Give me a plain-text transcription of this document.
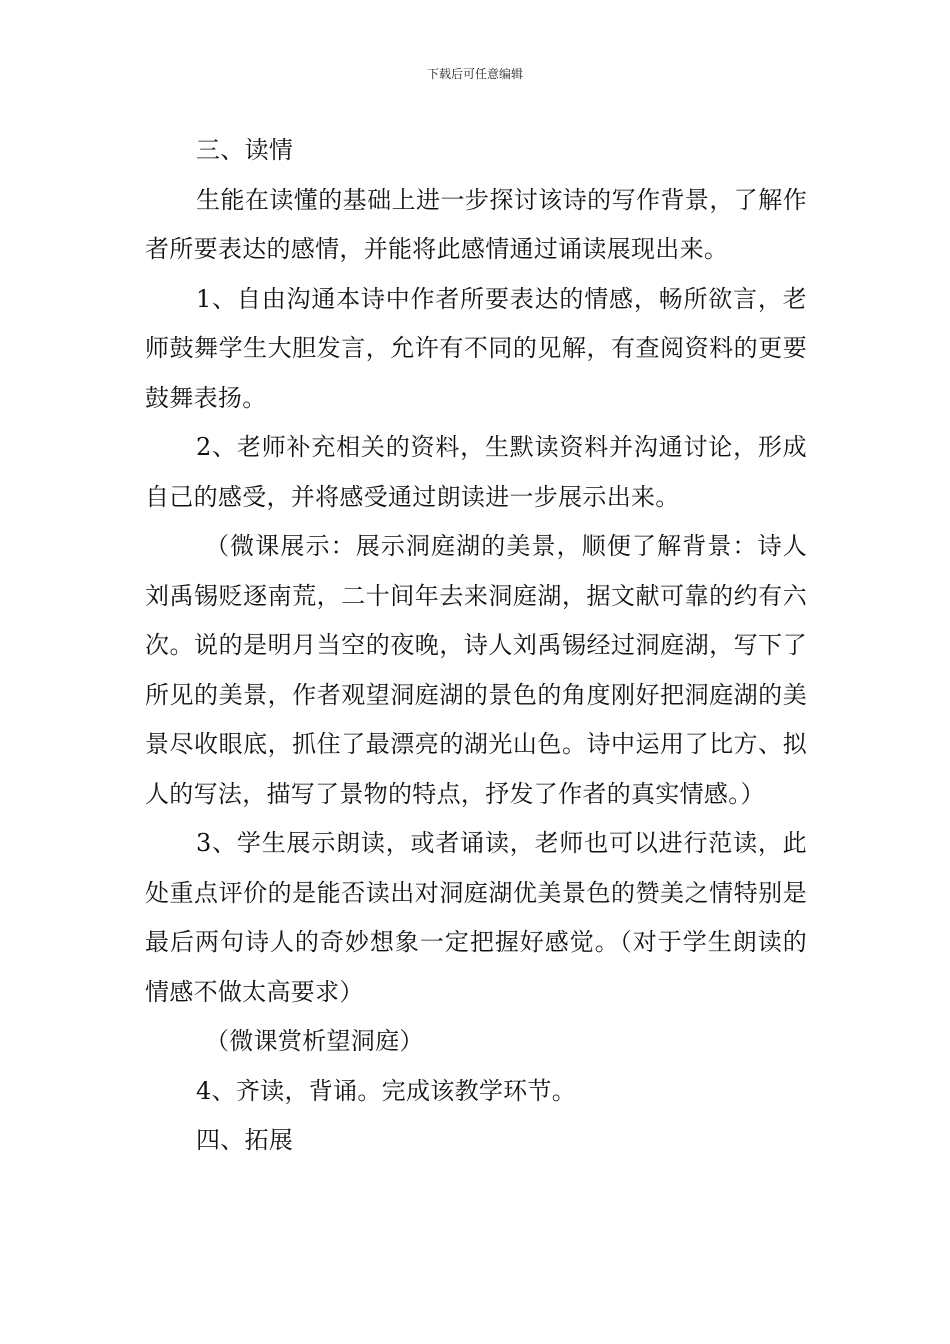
下载后可任意编辑

三、读情

生能在读懂的基础上进一步探讨该诗的写作背景，了解作者所要表达的感情，并能将此感情通过诵读展现出来。

1、自由沟通本诗中作者所要表达的情感，畅所欲言，老师鼓舞学生大胆发言，允许有不同的见解，有查阅资料的更要鼓舞表扬。

2、老师补充相关的资料，生默读资料并沟通讨论，形成自己的感受，并将感受通过朗读进一步展示出来。

（微课展示：展示洞庭湖的美景，顺便了解背景：诗人刘禹锡贬逐南荒，二十间年去来洞庭湖，据文献可靠的约有六次。说的是明月当空的夜晚，诗人刘禹锡经过洞庭湖，写下了所见的美景，作者观望洞庭湖的景色的角度刚好把洞庭湖的美景尽收眼底，抓住了最漂亮的湖光山色。诗中运用了比方、拟人的写法，描写了景物的特点，抒发了作者的真实情感。）

3、学生展示朗读，或者诵读，老师也可以进行范读，此处重点评价的是能否读出对洞庭湖优美景色的赞美之情特别是最后两句诗人的奇妙想象一定把握好感觉。（对于学生朗读的情感不做太高要求）

（微课赏析望洞庭）

4、齐读，背诵。完成该教学环节。

四、拓展
